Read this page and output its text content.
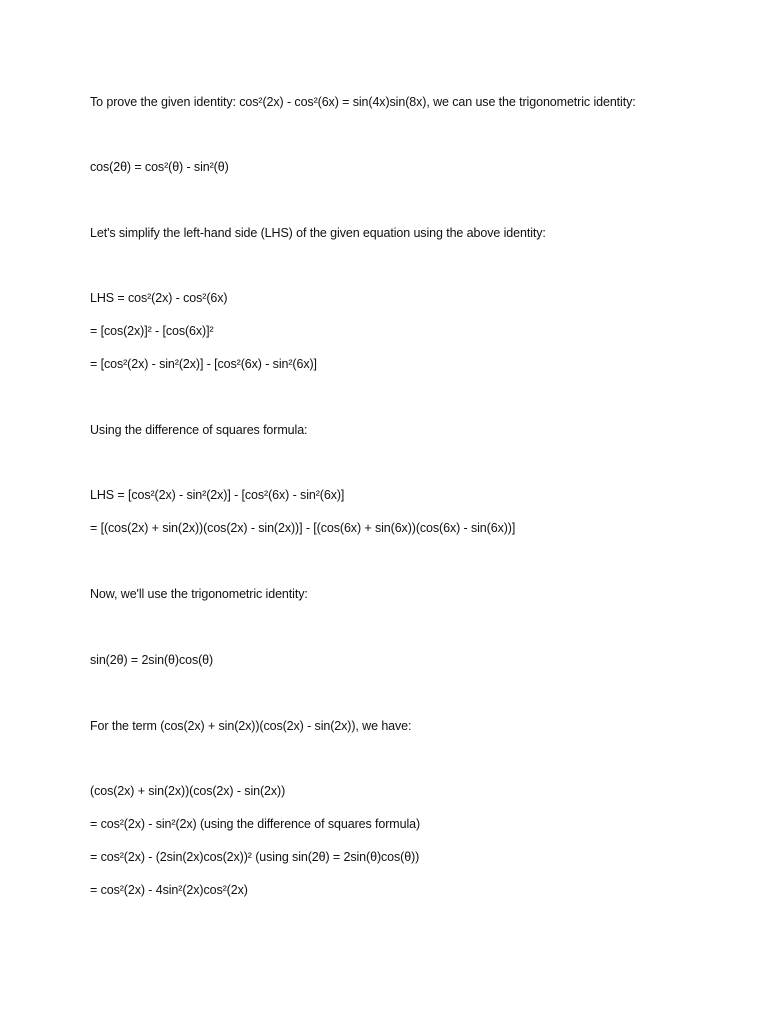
To prove the given identity: cos²(2x) - cos²(6x) = sin(4x)sin(8x), we can use the trigonometric identity:
cos(2θ) = cos²(θ) - sin²(θ)
Let's simplify the left-hand side (LHS) of the given equation using the above identity:
LHS = cos²(2x) - cos²(6x)
= [cos(2x)]² - [cos(6x)]²
= [cos²(2x) - sin²(2x)] - [cos²(6x) - sin²(6x)]
Using the difference of squares formula:
LHS = [cos²(2x) - sin²(2x)] - [cos²(6x) - sin²(6x)]
= [(cos(2x) + sin(2x))(cos(2x) - sin(2x))] - [(cos(6x) + sin(6x))(cos(6x) - sin(6x))]
Now, we'll use the trigonometric identity:
sin(2θ) = 2sin(θ)cos(θ)
For the term (cos(2x) + sin(2x))(cos(2x) - sin(2x)), we have:
(cos(2x) + sin(2x))(cos(2x) - sin(2x))
= cos²(2x) - sin²(2x) (using the difference of squares formula)
= cos²(2x) - (2sin(2x)cos(2x))² (using sin(2θ) = 2sin(θ)cos(θ))
= cos²(2x) - 4sin²(2x)cos²(2x)
